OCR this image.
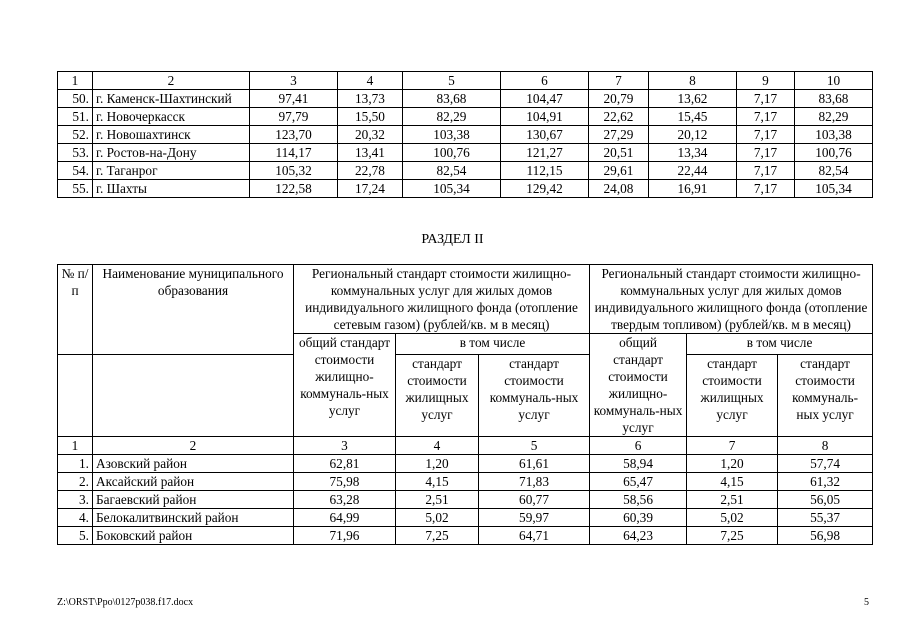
1	2	3	4	5	6	7	8	9	10
50.	г. Каменск-Шахтинский	97,41	13,73	83,68	104,47	20,79	13,62	7,17	83,68
51.	г. Новочеркасск	97,79	15,50	82,29	104,91	22,62	15,45	7,17	82,29
52.	г. Новошахтинск	123,70	20,32	103,38	130,67	27,29	20,12	7,17	103,38
53.	г. Ростов-на-Дону	114,17	13,41	100,76	121,27	20,51	13,34	7,17	100,76
54.	г. Таганрог	105,32	22,78	82,54	112,15	29,61	22,44	7,17	82,54
55.	г. Шахты	122,58	17,24	105,34	129,42	24,08	16,91	7,17	105,34
РАЗДЕЛ II
№ п/п	Наименование муниципального образования	Региональный стандарт стоимости жилищно-коммунальных услуг для жилых домов индивидуального жилищного фонда (отопление сетевым газом) (рублей/кв. м в месяц)			Региональный стандарт стоимости жилищно-коммунальных услуг для жилых домов индивидуального жилищного фонда (отопление твердым топливом) (рублей/кв. м в месяц)		
		общий стандарт стоимости жилищно-коммуналь-ных услуг	в том числе		общий стандарт стоимости жилищно-коммуналь-ных услуг	в том числе	
			стандарт стоимости жилищных услуг	стандарт стоимости коммуналь-ных услуг		стандарт стоимости жилищных услуг	стандарт стоимости коммуналь-ных услуг
1	2	3	4	5	6	7	8
1.	Азовский район	62,81	1,20	61,61	58,94	1,20	57,74
2.	Аксайский район	75,98	4,15	71,83	65,47	4,15	61,32
3.	Багаевский район	63,28	2,51	60,77	58,56	2,51	56,05
4.	Белокалитвинский район	64,99	5,02	59,97	60,39	5,02	55,37
5.	Боковский район	71,96	7,25	64,71	64,23	7,25	56,98
Z:\ORST\Ppo\0127p038.f17.docx	5
